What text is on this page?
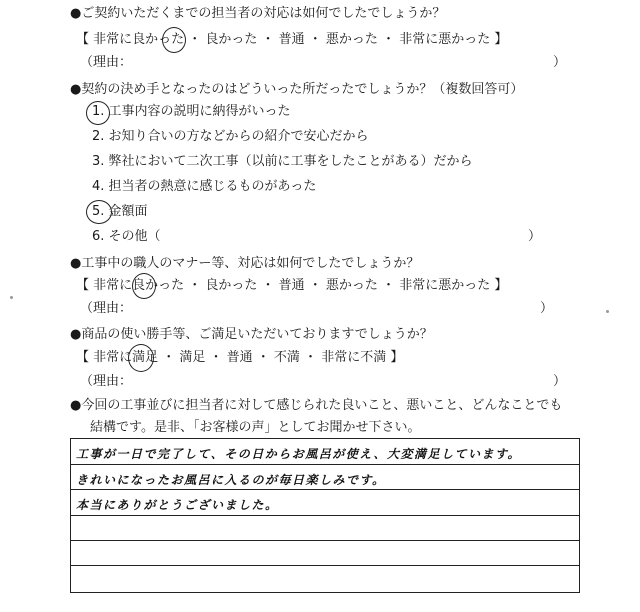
●ご契約いただくまでの担当者の対応は如何でしたでしょうか？
【 非常に良かった ・ 良かった ・ 普通 ・ 悪かった ・ 非常に悪かった 】
（理由：	）
●契約の決め手となったのはどういった所だったでしょうか？（複数回答可）
1. 工事内容の説明に納得がいった
2. お知り合いの方などからの紹介で安心だから
3. 弊社において二次工事（以前に工事をしたことがある）だから
4. 担当者の熱意に感じるものがあった
5. 金額面
6. その他（	）
●工事中の職人のマナー等、対応は如何でしたでしょうか？
【 非常に良かった ・ 良かった ・ 普通 ・ 悪かった ・ 非常に悪かった 】
（理由：	）
●商品の使い勝手等、ご満足いただいておりますでしょうか？
【 非常に満足 ・ 満足 ・ 普通 ・ 不満 ・ 非常に不満 】
（理由：	）
●今回の工事並びに担当者に対して感じられた良いこと、悪いこと、どんなことでも
結構です。是非、「お客様の声」としてお聞かせ下さい。
工事が一日で完了して、その日からお風呂が使え、大変満足しています。
きれいになったお風呂に入るのが毎日楽しみです。
本当にありがとうございました。
